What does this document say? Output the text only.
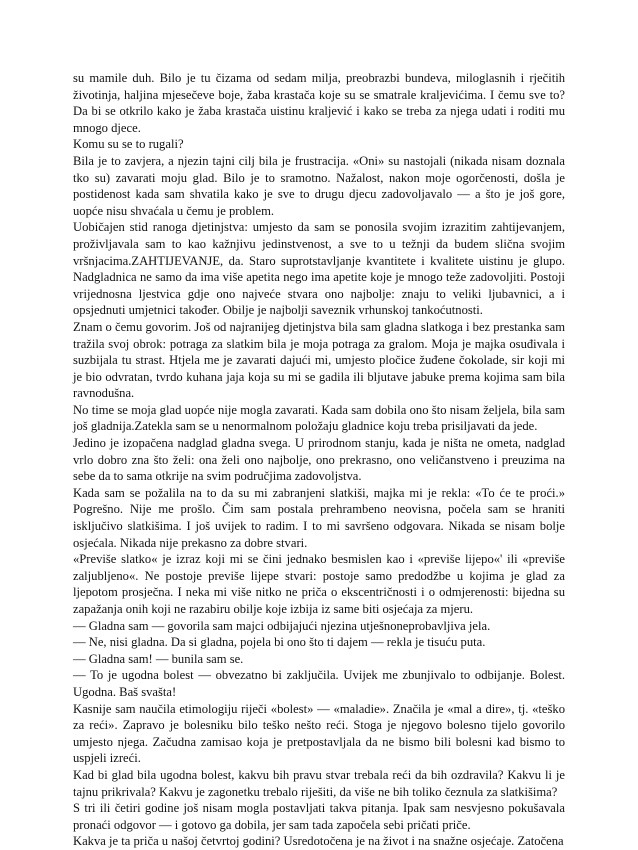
su mamile duh. Bilo je tu čizama od sedam milja, preobrazbi bundeva, miloglasnih i rječitih životinja, haljina mjesečeve boje, žaba krastača koje su se smatrale kraljevićima. I čemu sve to? Da bi se otkrilo kako je žaba krastača uistinu kraljević i kako se treba za njega udati i roditi mu mnogo djece.

Komu su se to rugali?

Bila je to zavjera, a njezin tajni cilj bila je frustracija. «Oni» su nastojali (nikada nisam doznala tko su) zavarati moju glad. Bilo je to sramotno. Nažalost, nakon moje ogorčenosti, došla je postidenost kada sam shvatila kako je sve to drugu djecu zadovoljavalo — a što je još gore, uopće nisu shvaćala u čemu je problem.

Uobičajen stid ranoga djetinjstva: umjesto da sam se ponosila svojim izrazitim zahtijevanjem, proživljavala sam to kao kažnjivu jedinstvenost, a sve to u težnji da budem slična svojim vršnjacima.ZAHTIJEVANJE, da. Staro suprotstavljanje kvantitete i kvalitete uistinu je glupo. Nadgladnica ne samo da ima više apetita nego ima apetite koje je mnogo teže zadovoljiti. Postoji vrijednosna ljestvica gdje ono najveće stvara ono najbolje: znaju to veliki ljubavnici, a i opsjednuti umjetnici također. Obilje je najbolji saveznik vrhunskoj tankoćutnosti.

Znam o čemu govorim. Još od najranijeg djetinjstva bila sam gladna slatkoga i bez prestanka sam tražila svoj obrok: potraga za slatkim bila je moja potraga za gralom. Moja je majka osuđivala i suzbijala tu strast. Htjela me je zavarati dajući mi, umjesto pločice žuđene čokolade, sir koji mi je bio odvratan, tvrdo kuhana jaja koja su mi se gadila ili bljutave jabuke prema kojima sam bila ravnodušna.

No time se moja glad uopće nije mogla zavarati. Kada sam dobila ono što nisam željela, bila sam još gladnija.Zatekla sam se u nenormalnom položaju gladnice koju treba prisiljavati da jede.

Jedino je izopačena nadglad gladna svega. U prirodnom stanju, kada je ništa ne ometa, nadglad vrlo dobro zna što želi: ona želi ono najbolje, ono prekrasno, ono veličanstveno i preuzima na sebe da to sama otkrije na svim područjima zadovoljstva.

Kada sam se požalila na to da su mi zabranjeni slatkiši, majka mi je rekla: «To će te proći.» Pogrešno. Nije me prošlo. Čim sam postala prehrambeno neovisna, počela sam se hraniti isključivo slatkišima. I još uvijek to radim. I to mi savršeno odgovara. Nikada se nisam bolje osjećala. Nikada nije prekasno za dobre stvari.

«Previše slatko« je izraz koji mi se čini jednako besmislen kao i «previše lijepo«' ili «previše zaljubljeno«. Ne postoje previše lijepe stvari: postoje samo predodžbe u kojima je glad za ljepotom prosječna. I neka mi više nitko ne priča o ekscentričnosti i o odmjerenosti: bijedna su zapažanja onih koji ne razabiru obilje koje izbija iz same biti osjećaja za mjeru.

— Gladna sam — govorila sam majci odbijajući njezina utješnoneprobavljiva jela.

— Ne, nisi gladna. Da si gladna, pojela bi ono što ti dajem — rekla je tisuću puta.

— Gladna sam! — bunila sam se.

— To je ugodna bolest — obvezatno bi zaključila. Uvijek me zbunjivalo to odbijanje. Bolest. Ugodna. Baš svašta!

Kasnije sam naučila etimologiju riječi «bolest» — «maladie». Značila je «mal a dire», tj. «teško za reći». Zapravo je bolesniku bilo teško nešto reći. Stoga je njegovo bolesno tijelo govorilo umjesto njega. Začudna zamisao koja je pretpostavljala da ne bismo bili bolesni kad bismo to uspjeli izreći.

Kad bi glad bila ugodna bolest, kakvu bih pravu stvar trebala reći da bih ozdravila? Kakvu li je tajnu prikrivala? Kakvu je zagonetku trebalo riješiti, da više ne bih toliko čeznula za slatkišima?

S tri ili četiri godine još nisam mogla postavljati takva pitanja. Ipak sam nesvjesno pokušavala pronaći odgovor — i gotovo ga dobila, jer sam tada započela sebi pričati priče.

Kakva je ta priča u našoj četvrtoj godini? Usredotočena je na život i na snažne osjećaje. Zatočena
